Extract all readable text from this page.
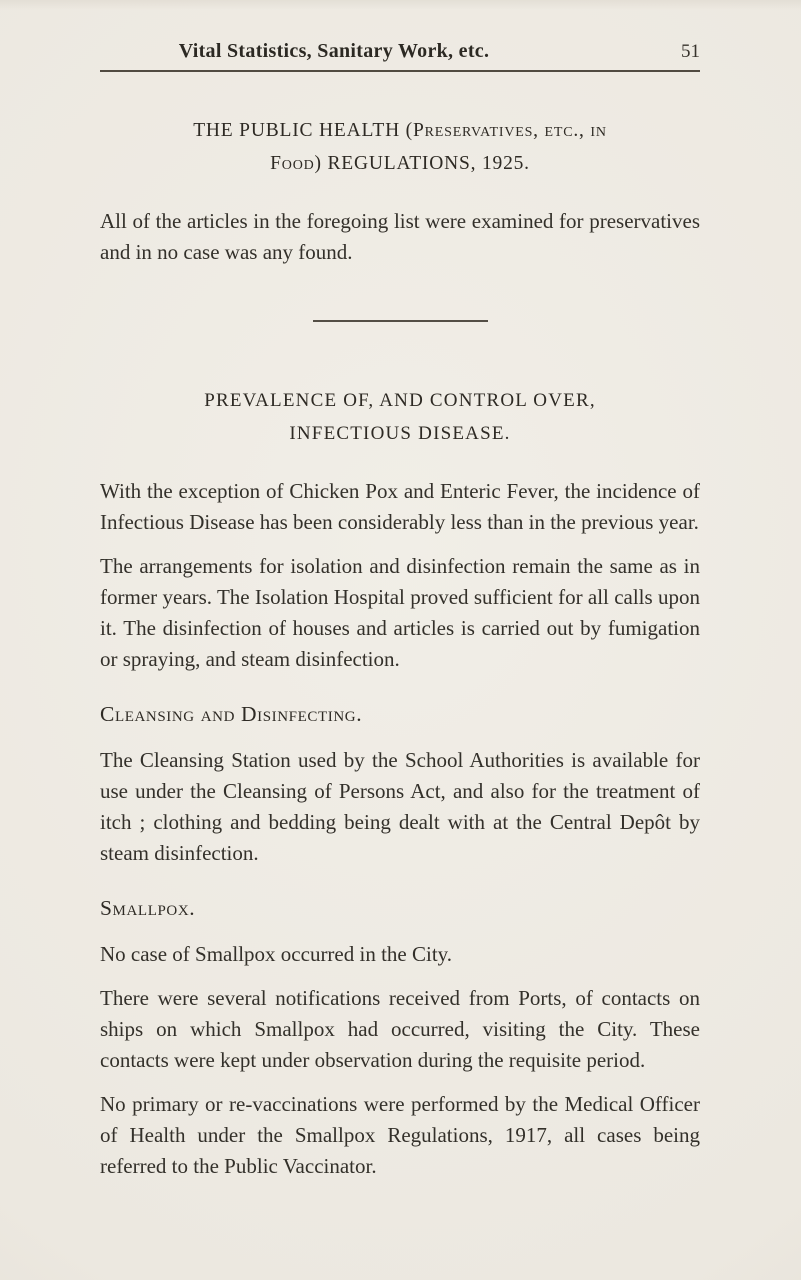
Vital Statistics, Sanitary Work, etc.	51
THE PUBLIC HEALTH (Preservatives, etc., in
Food) REGULATIONS, 1925.

All of the articles in the foregoing list were examined for preservatives and in no case was any found.

PREVALENCE OF, AND CONTROL OVER,
INFECTIOUS DISEASE.

With the exception of Chicken Pox and Enteric Fever, the incidence of Infectious Disease has been considerably less than in the previous year.

The arrangements for isolation and disinfection remain the same as in former years. The Isolation Hospital proved sufficient for all calls upon it. The disinfection of houses and articles is carried out by fumigation or spraying, and steam disinfection.

Cleansing and Disinfecting.

The Cleansing Station used by the School Authorities is available for use under the Cleansing of Persons Act, and also for the treatment of itch ; clothing and bedding being dealt with at the Central Depôt by steam disinfection.

Smallpox.

No case of Smallpox occurred in the City.

There were several notifications received from Ports, of contacts on ships on which Smallpox had occurred, visiting the City. These contacts were kept under observation during the requisite period.

No primary or re-vaccinations were performed by the Medical Officer of Health under the Smallpox Regulations, 1917, all cases being referred to the Public Vaccinator.
